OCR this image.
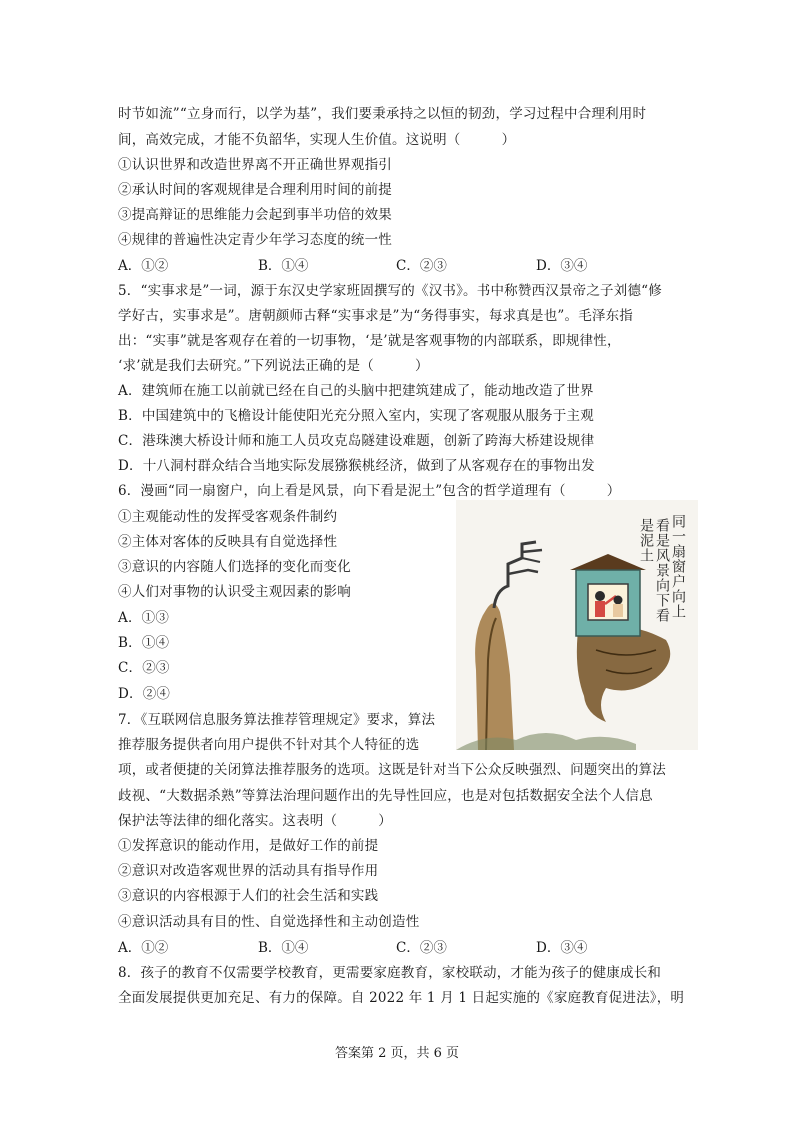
时节如流”“立身而行，以学为基”，我们要秉承持之以恒的韧劲，学习过程中合理利用时
间，高效完成，才能不负韶华，实现人生价值。这说明（　　　）
①认识世界和改造世界离不开正确世界观指引
②承认时间的客观规律是合理利用时间的前提
③提高辩证的思维能力会起到事半功倍的效果
④规律的普遍性决定青少年学习态度的统一性
A．①②	B．①④	C．②③	D．③④
5．“实事求是”一词，源于东汉史学家班固撰写的《汉书》。书中称赞西汉景帝之子刘德“修
学好古，实事求是”。唐朝颜师古释“实事求是”为“务得事实，每求真是也”。毛泽东指
出：“实事”就是客观存在着的一切事物，‘是’就是客观事物的内部联系，即规律性，
‘求’就是我们去研究。”下列说法正确的是（　　　）
A．建筑师在施工以前就已经在自己的头脑中把建筑建成了，能动地改造了世界
B．中国建筑中的飞檐设计能使阳光充分照入室内，实现了客观服从服务于主观
C．港珠澳大桥设计师和施工人员攻克岛隧建设难题，创新了跨海大桥建设规律
D．十八洞村群众结合当地实际发展猕猴桃经济，做到了从客观存在的事物出发
6．漫画“同一扇窗户，向上看是风景，向下看是泥土”包含的哲学道理有（　　　）
①主观能动性的发挥受客观条件制约
②主体对客体的反映具有自觉选择性
③意识的内容随人们选择的变化而变化
④人们对事物的认识受主观因素的影响
A．①③
B．①④
C．②③
D．②④
同一扇窗户向上
看是风景向下看
是泥土
7．《互联网信息服务算法推荐管理规定》要求，算法
推荐服务提供者向用户提供不针对其个人特征的选
项，或者便捷的关闭算法推荐服务的选项。这既是针对当下公众反映强烈、问题突出的算法
歧视、“大数据杀熟”等算法治理问题作出的先导性回应，也是对包括数据安全法个人信息
保护法等法律的细化落实。这表明（　　　）
①发挥意识的能动作用，是做好工作的前提
②意识对改造客观世界的活动具有指导作用
③意识的内容根源于人们的社会生活和实践
④意识活动具有目的性、自觉选择性和主动创造性
A．①②	B．①④	C．②③	D．③④
8．孩子的教育不仅需要学校教育，更需要家庭教育，家校联动，才能为孩子的健康成长和
全面发展提供更加充足、有力的保障。自 2022 年 1 月 1 日起实施的《家庭教育促进法》，明
答案第 2 页，共 6 页
